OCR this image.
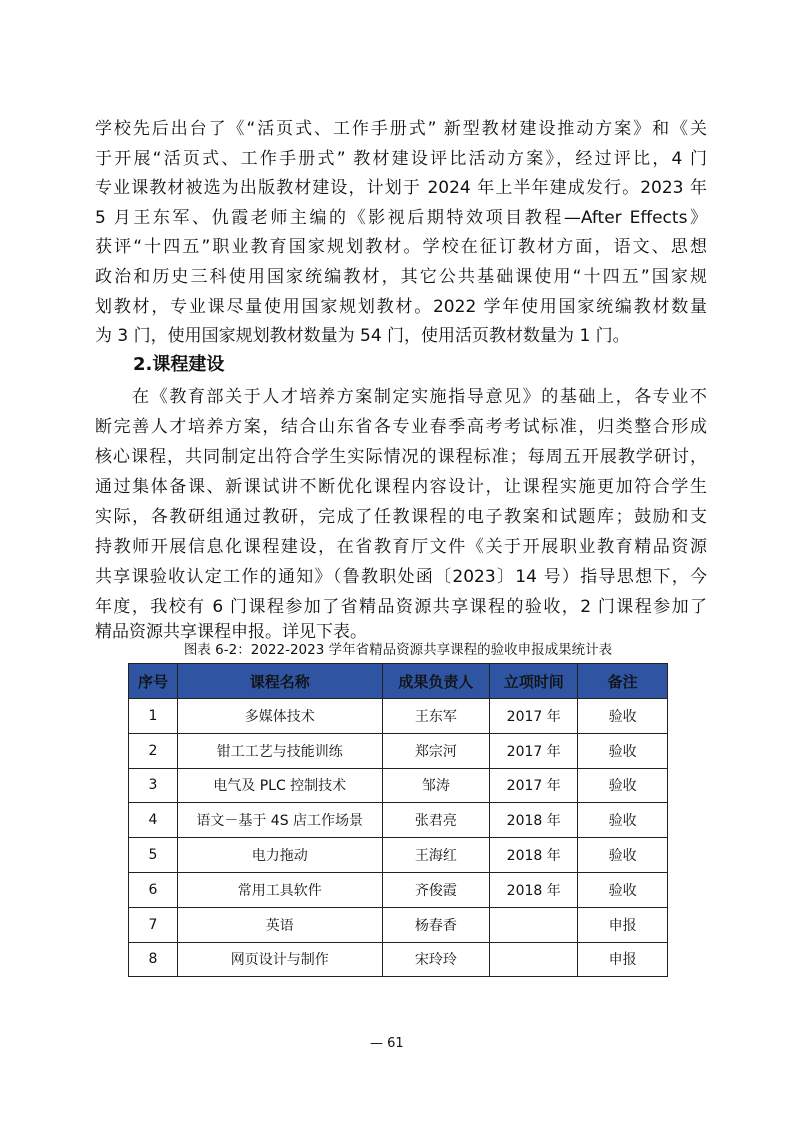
学校先后出台了《“活页式、工作手册式” 新型教材建设推动方案》和《关
于开展“活页式、工作手册式” 教材建设评比活动方案》，经过评比，4 门
专业课教材被选为出版教材建设，计划于 2024 年上半年建成发行。2023 年
5 月王东军、仇霞老师主编的《影视后期特效项目教程—After Effects》
获评“十四五”职业教育国家规划教材。学校在征订教材方面，语文、思想
政治和历史三科使用国家统编教材，其它公共基础课使用“十四五”国家规
划教材，专业课尽量使用国家规划教材。2022 学年使用国家统编教材数量
为 3 门，使用国家规划教材数量为 54 门，使用活页教材数量为 1 门。
2.课程建设
　　在《教育部关于人才培养方案制定实施指导意见》的基础上，各专业不
断完善人才培养方案，结合山东省各专业春季高考考试标准，归类整合形成
核心课程，共同制定出符合学生实际情况的课程标准；每周五开展教学研讨，
通过集体备课、新课试讲不断优化课程内容设计，让课程实施更加符合学生
实际，各教研组通过教研，完成了任教课程的电子教案和试题库；鼓励和支
持教师开展信息化课程建设，在省教育厅文件《关于开展职业教育精品资源
共享课验收认定工作的通知》（鲁教职处函〔2023〕14 号）指导思想下，今
年度，我校有 6 门课程参加了省精品资源共享课程的验收，2 门课程参加了
精品资源共享课程申报。详见下表。
图表 6-2：2022-2023 学年省精品资源共享课程的验收申报成果统计表
序号	课程名称	成果负责人	立项时间	备注
1	多媒体技术	王东军	2017 年	验收
2	钳工工艺与技能训练	郑宗河	2017 年	验收
3	电气及 PLC 控制技术	邹涛	2017 年	验收
4	语文－基于 4S 店工作场景	张君亮	2018 年	验收
5	电力拖动	王海红	2018 年	验收
6	常用工具软件	齐俊霞	2018 年	验收
7	英语	杨春香		申报
8	网页设计与制作	宋玲玲		申报
— 61
